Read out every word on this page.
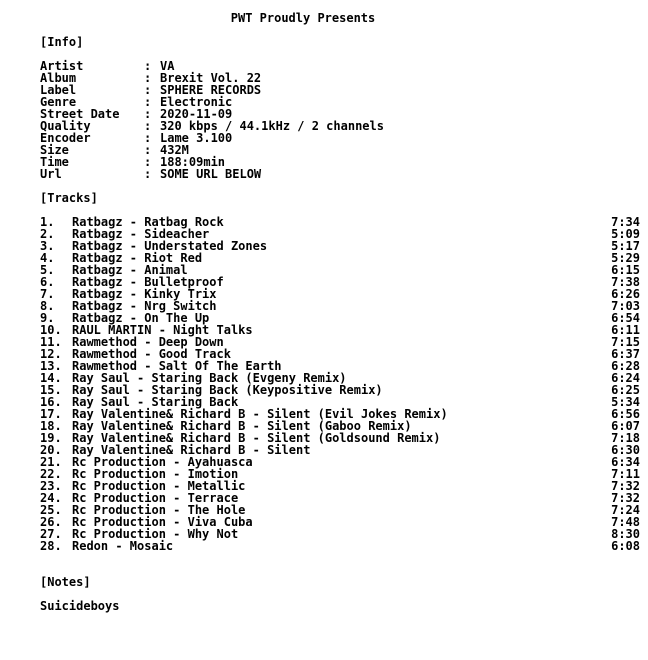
PWT Proudly Presents
[Info]
Artist	: VA
Album	: Brexit Vol. 22
Label	: SPHERE RECORDS
Genre	: Electronic
Street Date : 2020-11-09
Quality	: 320 kbps / 44.1kHz / 2 channels
Encoder	: Lame 3.100
Size	: 432M
Time	: 188:09min
Url	: SOME URL BELOW
[Tracks]
1. Ratbagz - Ratbag Rock	7:34
2. Ratbagz - Sideacher	5:09
3. Ratbagz - Understated Zones	5:17
4. Ratbagz - Riot Red	5:29
5. Ratbagz - Animal	6:15
6. Ratbagz - Bulletproof	7:38
7. Ratbagz - Kinky Trix	6:26
8. Ratbagz - Nrg Switch	7:03
9. Ratbagz - On The Up	6:54
10. RAUL MARTIN - Night Talks	6:11
11. Rawmethod - Deep Down	7:15
12. Rawmethod - Good Track	6:37
13. Rawmethod - Salt Of The Earth	6:28
14. Ray Saul - Staring Back (Evgeny Remix)	6:24
15. Ray Saul - Staring Back (Keypositive Remix)	6:25
16. Ray Saul - Staring Back	5:34
17. Ray Valentine& Richard B - Silent (Evil Jokes Remix)	6:56
18. Ray Valentine& Richard B - Silent (Gaboo Remix)	6:07
19. Ray Valentine& Richard B - Silent (Goldsound Remix)	7:18
20. Ray Valentine& Richard B - Silent	6:30
21. Rc Production - Ayahuasca	6:34
22. Rc Production - Imotion	7:11
23. Rc Production - Metallic	7:32
24. Rc Production - Terrace	7:32
25. Rc Production - The Hole	7:24
26. Rc Production - Viva Cuba	7:48
27. Rc Production - Why Not	8:30
28. Redon - Mosaic	6:08
[Notes]
Suicideboys
